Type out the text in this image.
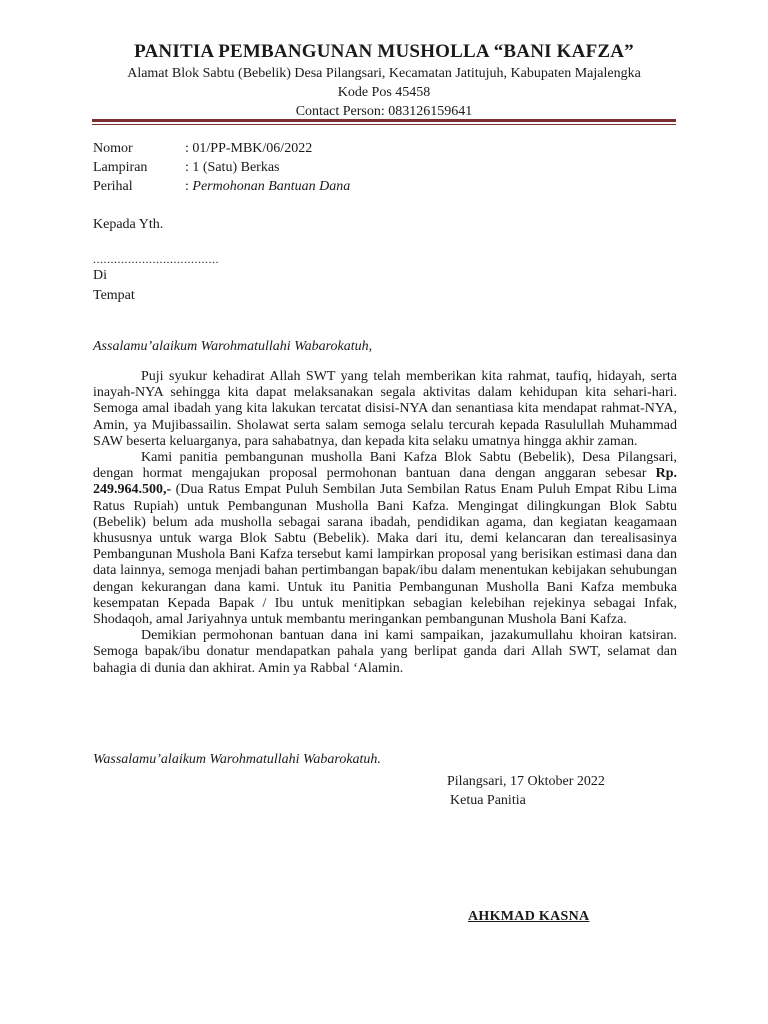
PANITIA PEMBANGUNAN MUSHOLLA “BANI KAFZA”
Alamat Blok Sabtu (Bebelik) Desa Pilangsari, Kecamatan Jatitujuh, Kabupaten Majalengka
Kode Pos 45458
Contact Person: 083126159641
Nomor	: 01/PP-MBK/06/2022
Lampiran	: 1 (Satu) Berkas
Perihal	: Permohonan Bantuan Dana
Kepada Yth.
....................................
Di
Tempat
Assalamu’alaikum Warohmatullahi Wabarokatuh,

Puji syukur kehadirat Allah SWT yang telah memberikan kita rahmat, taufiq, hidayah, serta inayah-NYA sehingga kita dapat melaksanakan segala aktivitas dalam kehidupan kita sehari-hari. Semoga amal ibadah yang kita lakukan tercatat disisi-NYA dan senantiasa kita mendapat rahmat-NYA, Amin, ya Mujibassailin. Sholawat serta salam semoga selalu tercurah kepada Rasulullah Muhammad SAW beserta keluarganya, para sahabatnya, dan kepada kita selaku umatnya hingga akhir zaman.

Kami panitia pembangunan musholla Bani Kafza Blok Sabtu (Bebelik), Desa Pilangsari, dengan hormat mengajukan proposal permohonan bantuan dana dengan anggaran sebesar Rp. 249.964.500,- (Dua Ratus Empat Puluh Sembilan Juta Sembilan Ratus Enam Puluh Empat Ribu Lima Ratus Rupiah) untuk Pembangunan Musholla Bani Kafza. Mengingat dilingkungan Blok Sabtu (Bebelik) belum ada musholla sebagai sarana ibadah, pendidikan agama, dan kegiatan keagamaan khususnya untuk warga Blok Sabtu (Bebelik). Maka dari itu, demi kelancaran dan terealisasinya Pembangunan Mushola Bani Kafza tersebut kami lampirkan proposal yang berisikan estimasi dana dan data lainnya, semoga menjadi bahan pertimbangan bapak/ibu dalam menentukan kebijakan sehubungan dengan kekurangan dana kami. Untuk itu Panitia Pembangunan Musholla Bani Kafza membuka kesempatan Kepada Bapak / Ibu untuk menitipkan sebagian kelebihan rejekinya sebagai Infak, Shodaqoh, amal Jariyahnya untuk membantu meringankan pembangunan Mushola Bani Kafza.

Demikian permohonan bantuan dana ini kami sampaikan, jazakumullahu khoiran katsiran. Semoga bapak/ibu donatur mendapatkan pahala yang berlipat ganda dari Allah SWT, selamat dan bahagia di dunia dan akhirat. Amin ya Rabbal ‘Alamin.

Wassalamu’alaikum Warohmatullahi Wabarokatuh.
Pilangsari, 17 Oktober 2022
Ketua Panitia
AHKMAD KASNA
